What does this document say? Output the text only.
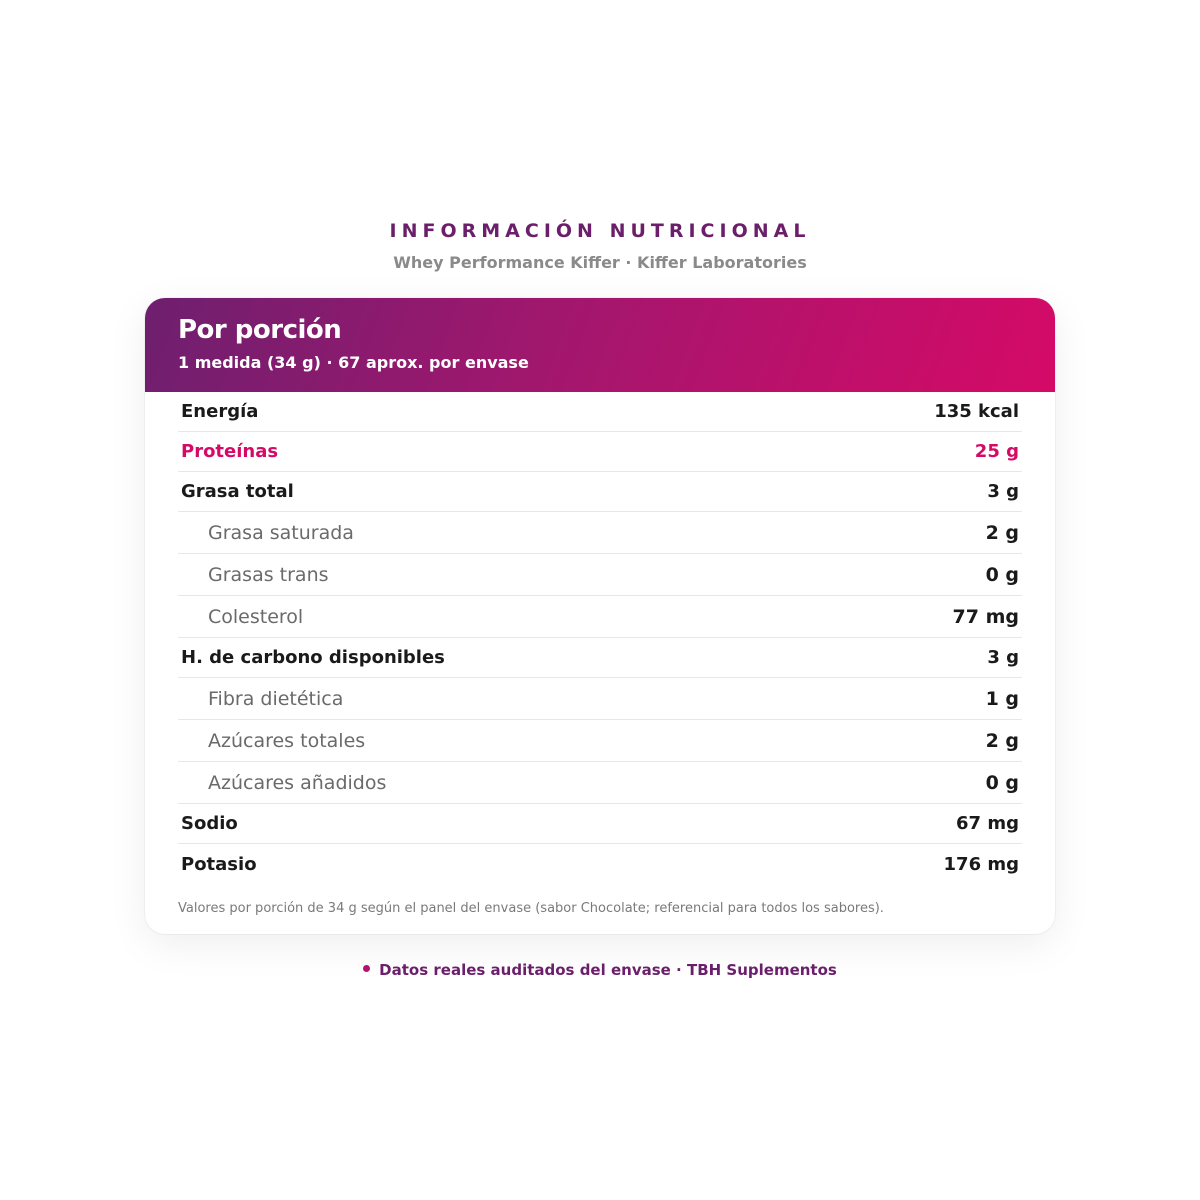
INFORMACIÓN NUTRICIONAL
Whey Performance Kiffer · Kiffer Laboratories
Por porción
1 medida (34 g) · 67 aprox. por envase
Energía	135 kcal
Proteínas	25 g
Grasa total	3 g
Grasa saturada	2 g
Grasas trans	0 g
Colesterol	77 mg
H. de carbono disponibles	3 g
Fibra dietética	1 g
Azúcares totales	2 g
Azúcares añadidos	0 g
Sodio	67 mg
Potasio	176 mg
Valores por porción de 34 g según el panel del envase (sabor Chocolate; referencial para todos los sabores).
Datos reales auditados del envase · TBH Suplementos
